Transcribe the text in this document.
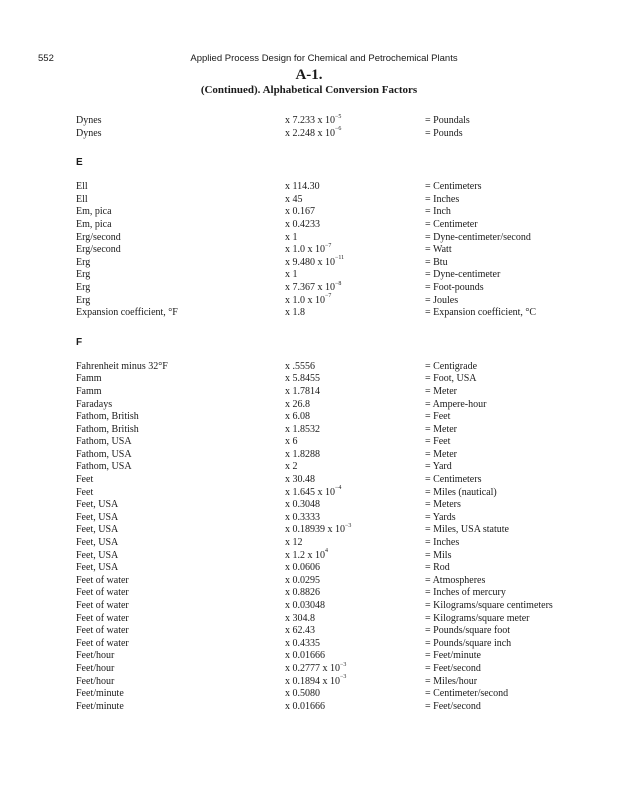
552	Applied Process Design for Chemical and Petrochemical Plants
A-1.
(Continued). Alphabetical Conversion Factors
Dynes	x 7.233 x $10^{-5}$	= Poundals
Dynes	x 2.248 x $10^{-6}$	= Pounds
E
Ell	x 114.30	= Centimeters
Ell	x 45	= Inches
Em, pica	x 0.167	= Inch
Em, pica	x 0.4233	= Centimeter
Erg/second	x 1	= Dyne-centimeter/second
Erg/second	x 1.0 x $10^{-7}$	= Watt
Erg	x 9.480 x $10^{-11}$	= Btu
Erg	x 1	= Dyne-centimeter
Erg	x 7.367 x $10^{-8}$	= Foot-pounds
Erg	x 1.0 x $10^{-7}$	= Joules
Expansion coefficient, °F	x 1.8	= Expansion coefficient, °C
F
Fahrenheit minus 32°F	x .5556	= Centigrade
Famm	x 5.8455	= Foot, USA
Famm	x 1.7814	= Meter
Faradays	x 26.8	= Ampere-hour
Fathom, British	x 6.08	= Feet
Fathom, British	x 1.8532	= Meter
Fathom, USA	x 6	= Feet
Fathom, USA	x 1.8288	= Meter
Fathom, USA	x 2	= Yard
Feet	x 30.48	= Centimeters
Feet	x 1.645 x $10^{-4}$	= Miles (nautical)
Feet, USA	x 0.3048	= Meters
Feet, USA	x 0.3333	= Yards
Feet, USA	x 0.18939 x $10^{-3}$	= Miles, USA statute
Feet, USA	x 12	= Inches
Feet, USA	x 1.2 x $10^4$	= Mils
Feet, USA	x 0.0606	= Rod
Feet of water	x 0.0295	= Atmospheres
Feet of water	x 0.8826	= Inches of mercury
Feet of water	x 0.03048	= Kilograms/square centimeters
Feet of water	x 304.8	= Kilograms/square meter
Feet of water	x 62.43	= Pounds/square foot
Feet of water	x 0.4335	= Pounds/square inch
Feet/hour	x 0.01666	= Feet/minute
Feet/hour	x 0.2777 x $10^{-3}$	= Feet/second
Feet/hour	x 0.1894 x $10^{-3}$	= Miles/hour
Feet/minute	x 0.5080	= Centimeter/second
Feet/minute	x 0.01666	= Feet/second
